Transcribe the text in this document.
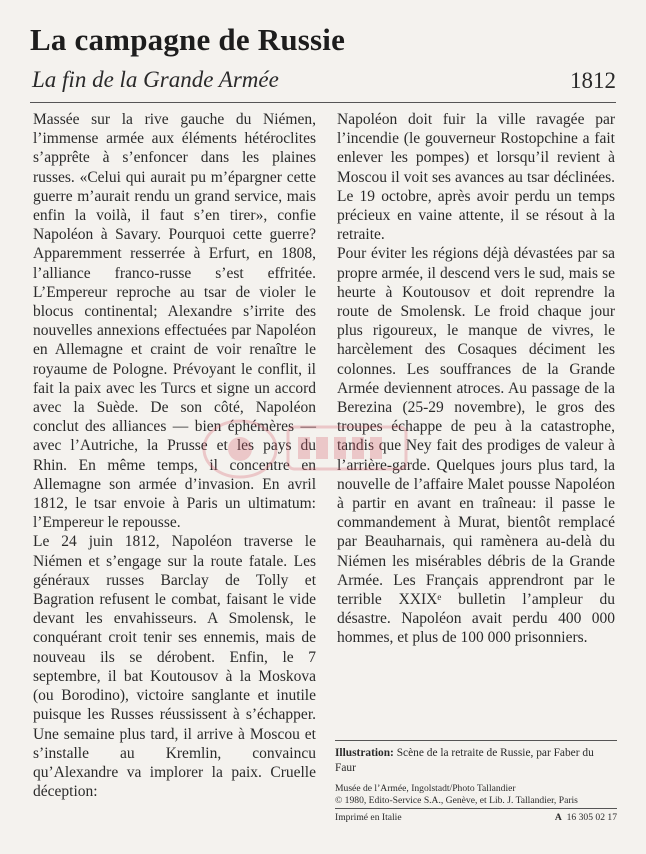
La campagne de Russie
La fin de la Grande Armée	1812

Massée sur la rive gauche du Niémen, l’immense armée aux éléments hétéroclites s’apprête à s’enfoncer dans les plaines russes. «Celui qui aurait pu m’épargner cette guerre m’aurait rendu un grand service, mais enfin la voilà, il faut s’en tirer», confie Napoléon à Savary. Pourquoi cette guerre? Apparemment resserrée à Erfurt, en 1808, l’alliance franco-russe s’est effritée. L’Empereur reproche au tsar de violer le blocus continental; Alexandre s’irrite des nouvelles annexions effectuées par Napoléon en Allemagne et craint de voir renaître le royaume de Pologne. Prévoyant le conflit, il fait la paix avec les Turcs et signe un accord avec la Suède. De son côté, Napoléon conclut des alliances — bien éphémères — avec l’Autriche, la Prusse et les pays du Rhin. En même temps, il concentre en Allemagne son armée d’invasion. En avril 1812, le tsar envoie à Paris un ultimatum: l’Empereur le repousse.

Le 24 juin 1812, Napoléon traverse le Niémen et s’engage sur la route fatale. Les généraux russes Barclay de Tolly et Bagration refusent le combat, faisant le vide devant les envahisseurs. A Smolensk, le conquérant croit tenir ses ennemis, mais de nouveau ils se dérobent. Enfin, le 7 septembre, il bat Koutousov à la Moskova (ou Borodino), victoire sanglante et inutile puisque les Russes réussissent à s’échapper. Une semaine plus tard, il arrive à Moscou et s’installe au Kremlin, convaincu qu’Alexandre va implorer la paix. Cruelle déception:

Napoléon doit fuir la ville ravagée par l’incendie (le gouverneur Rostopchine a fait enlever les pompes) et lorsqu’il revient à Moscou il voit ses avances au tsar déclinées. Le 19 octobre, après avoir perdu un temps précieux en vaine attente, il se résout à la retraite.

Pour éviter les régions déjà dévastées par sa propre armée, il descend vers le sud, mais se heurte à Koutousov et doit reprendre la route de Smolensk. Le froid chaque jour plus rigoureux, le manque de vivres, le harcèlement des Cosaques déciment les colonnes. Les souffrances de la Grande Armée deviennent atroces. Au passage de la Berezina (25-29 novembre), le gros des troupes échappe de peu à la catastrophe, tandis que Ney fait des prodiges de valeur à l’arrière-garde. Quelques jours plus tard, la nouvelle de l’affaire Malet pousse Napoléon à partir en avant en traîneau: il passe le commandement à Murat, bientôt remplacé par Beauharnais, qui ramènera au-delà du Niémen les misérables débris de la Grande Armée. Les Français apprendront par le terrible XXIXᵉ bulletin l’ampleur du désastre. Napoléon avait perdu 400 000 hommes, et plus de 100 000 prisonniers.

Illustration: Scène de la retraite de Russie, par Faber du Faur
Musée de l’Armée, Ingolstadt/Photo Tallandier
© 1980, Edito-Service S.A., Genève, et Lib. J. Tallandier, Paris
Imprimé en Italie	A 16 305 02 17
